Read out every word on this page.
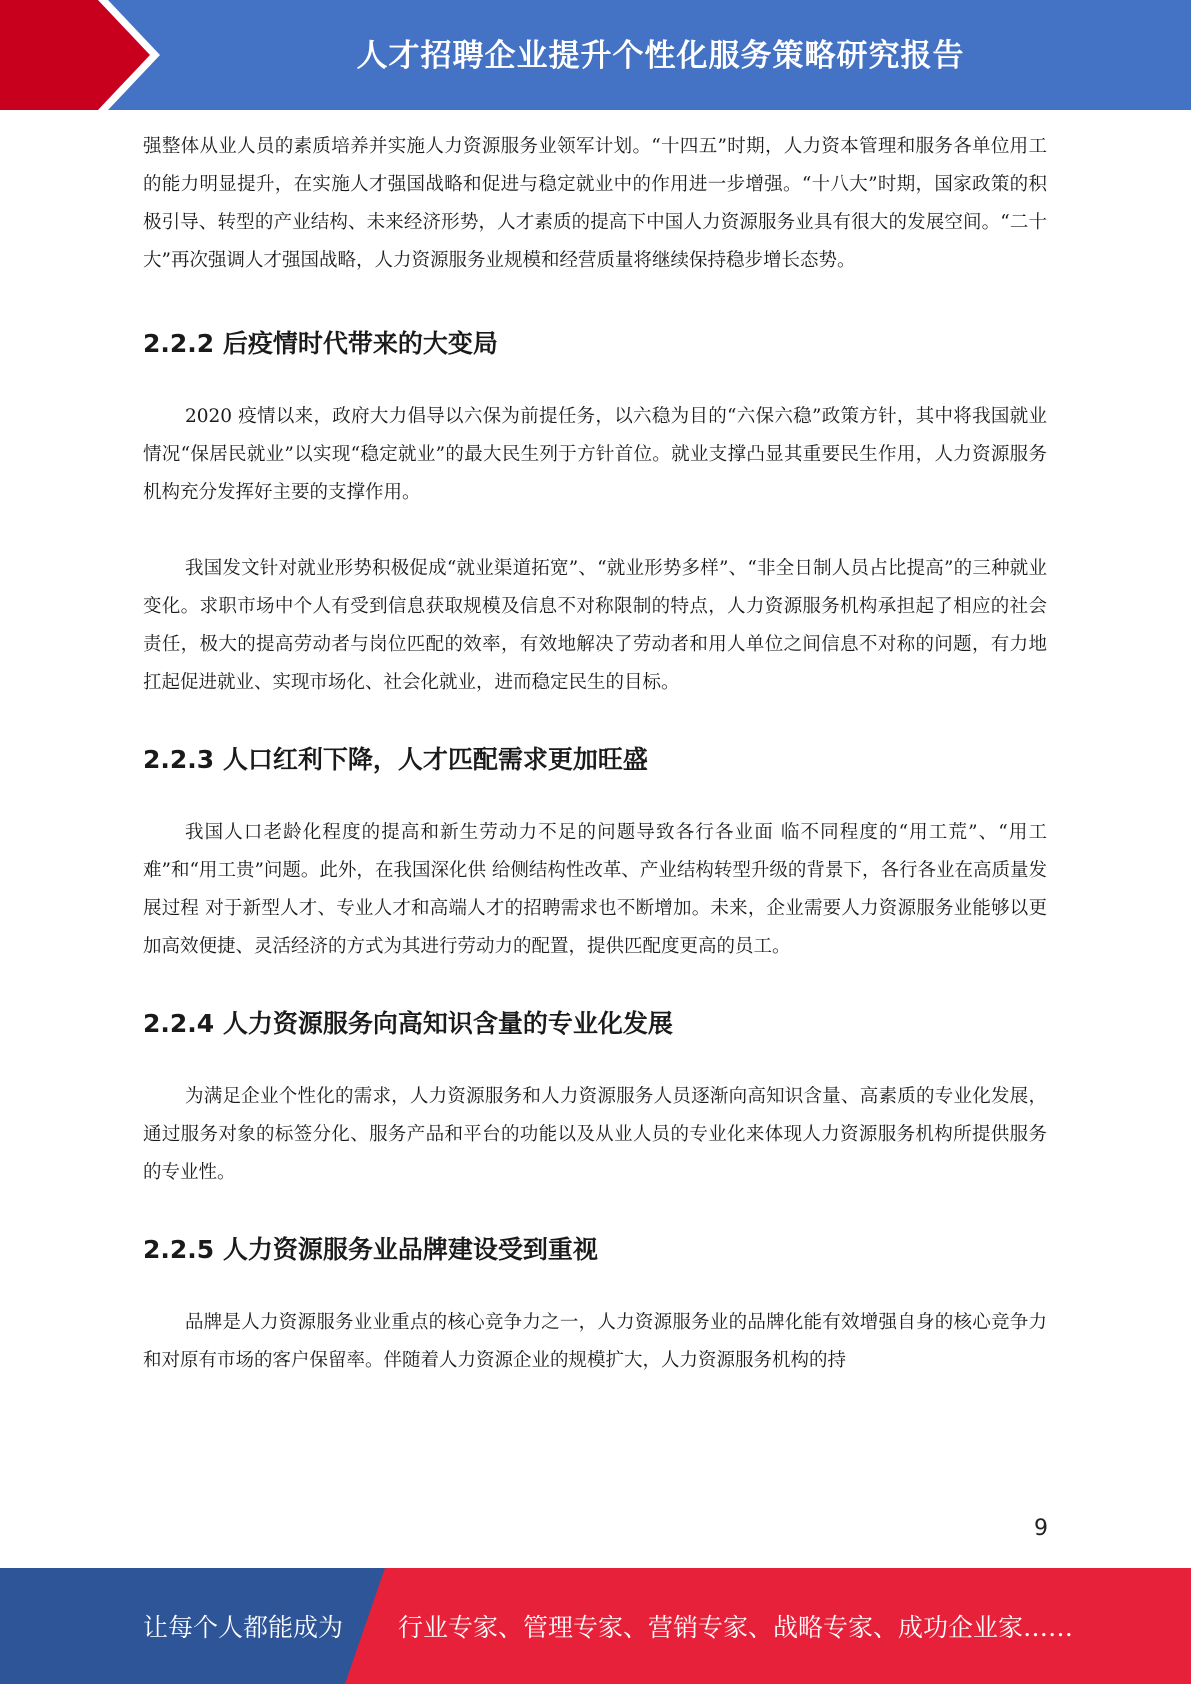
人才招聘企业提升个性化服务策略研究报告

强整体从业人员的素质培养并实施人力资源服务业领军计划。“十四五”时期，人力资本管理和服务各单位用工的能力明显提升，在实施人才强国战略和促进与稳定就业中的作用进一步增强。“十八大”时期，国家政策的积极引导、转型的产业结构、未来经济形势，人才素质的提高下中国人力资源服务业具有很大的发展空间。“二十大”再次强调人才强国战略，人力资源服务业规模和经营质量将继续保持稳步增长态势。

2.2.2 后疫情时代带来的大变局

2020 疫情以来，政府大力倡导以六保为前提任务，以六稳为目的“六保六稳”政策方针，其中将我国就业情况“保居民就业”以实现“稳定就业”的最大民生列于方针首位。就业支撑凸显其重要民生作用，人力资源服务机构充分发挥好主要的支撑作用。

我国发文针对就业形势积极促成“就业渠道拓宽”、“就业形势多样”、“非全日制人员占比提高”的三种就业变化。求职市场中个人有受到信息获取规模及信息不对称限制的特点，人力资源服务机构承担起了相应的社会责任，极大的提高劳动者与岗位匹配的效率，有效地解决了劳动者和用人单位之间信息不对称的问题，有力地扛起促进就业、实现市场化、社会化就业，进而稳定民生的目标。

2.2.3 人口红利下降，人才匹配需求更加旺盛

我国人口老龄化程度的提高和新生劳动力不足的问题导致各行各业面 临不同程度的“用工荒”、“用工难”和“用工贵”问题。此外，在我国深化供 给侧结构性改革、产业结构转型升级的背景下，各行各业在高质量发展过程 对于新型人才、专业人才和高端人才的招聘需求也不断增加。未来，企业需要人力资源服务业能够以更加高效便捷、灵活经济的方式为其进行劳动力的配置，提供匹配度更高的员工。

2.2.4 人力资源服务向高知识含量的专业化发展

为满足企业个性化的需求，人力资源服务和人力资源服务人员逐渐向高知识含量、高素质的专业化发展，通过服务对象的标签分化、服务产品和平台的功能以及从业人员的专业化来体现人力资源服务机构所提供服务的专业性。

2.2.5 人力资源服务业品牌建设受到重视

品牌是人力资源服务业业重点的核心竞争力之一，人力资源服务业的品牌化能有效增强自身的核心竞争力和对原有市场的客户保留率。伴随着人力资源企业的规模扩大，人力资源服务机构的持

9
让每个人都能成为 行业专家、管理专家、营销专家、战略专家、成功企业家……
